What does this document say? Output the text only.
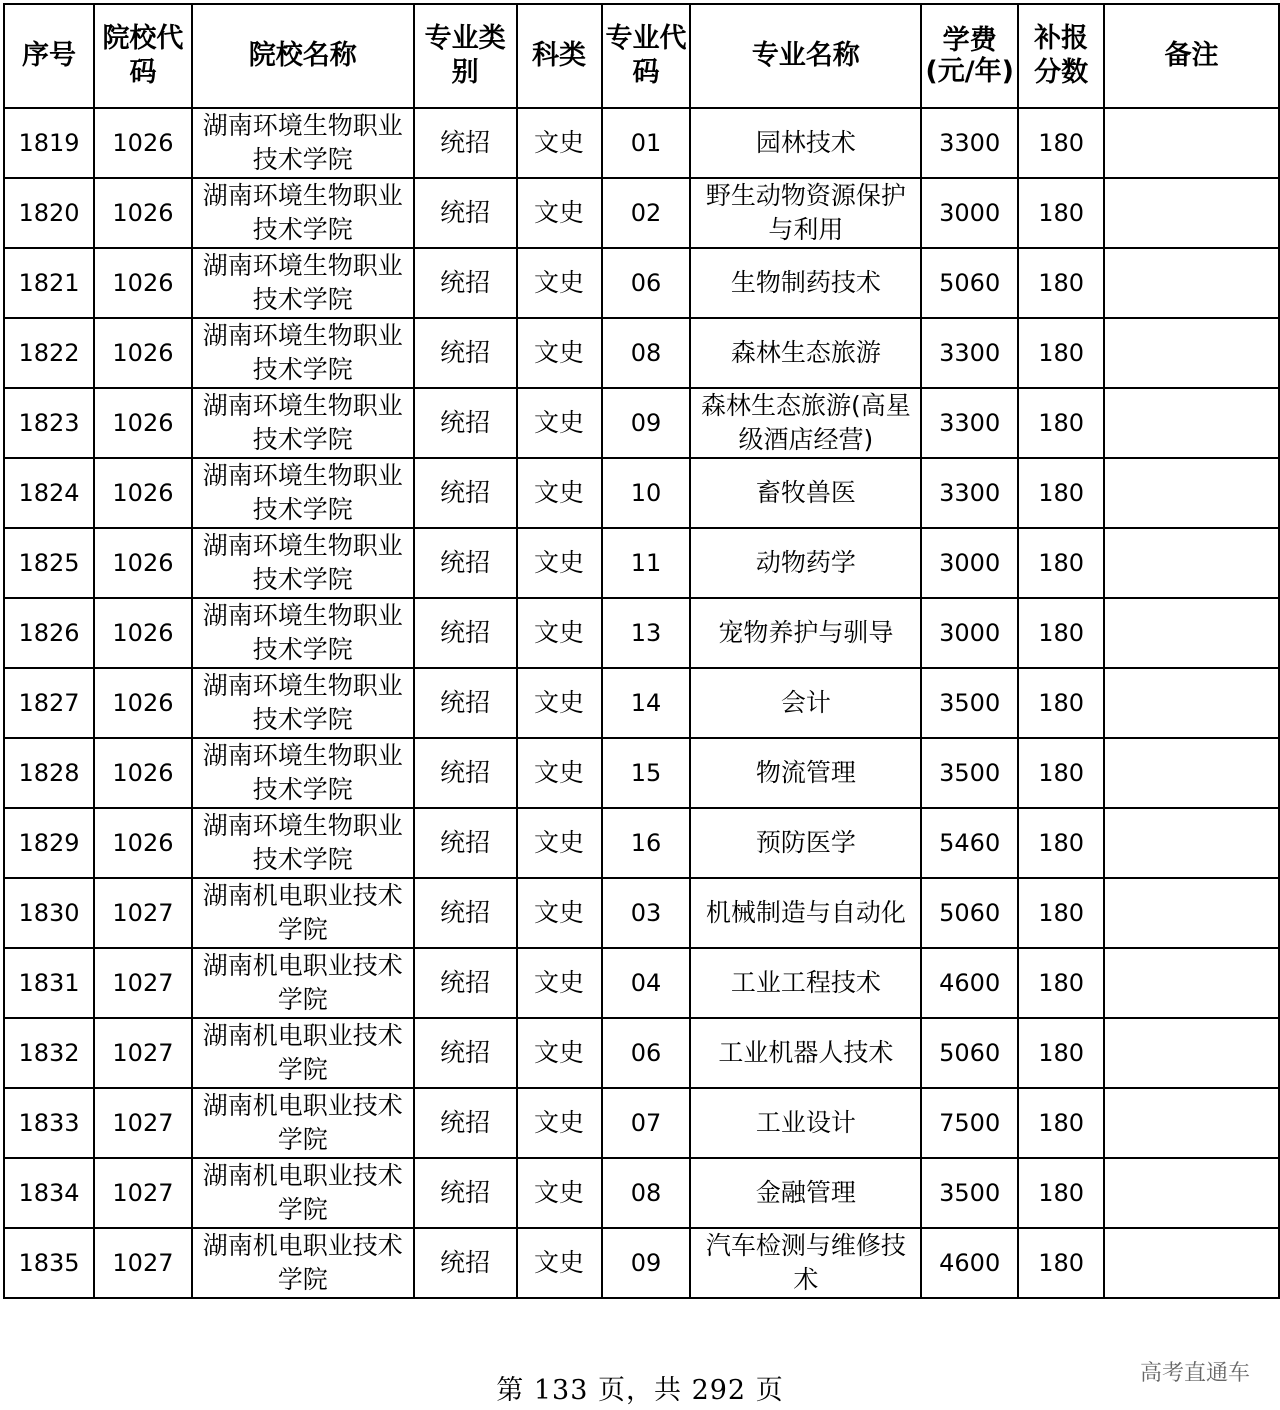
序号	院校代码	院校名称	专业类别	科类	专业代码	专业名称	学费(元/年)	补报分数	备注
1819	1026	湖南环境生物职业技术学院	统招	文史	01	园林技术	3300	180	
1820	1026	湖南环境生物职业技术学院	统招	文史	02	野生动物资源保护与利用	3000	180	
1821	1026	湖南环境生物职业技术学院	统招	文史	06	生物制药技术	5060	180	
1822	1026	湖南环境生物职业技术学院	统招	文史	08	森林生态旅游	3300	180	
1823	1026	湖南环境生物职业技术学院	统招	文史	09	森林生态旅游(高星级酒店经营)	3300	180	
1824	1026	湖南环境生物职业技术学院	统招	文史	10	畜牧兽医	3300	180	
1825	1026	湖南环境生物职业技术学院	统招	文史	11	动物药学	3000	180	
1826	1026	湖南环境生物职业技术学院	统招	文史	13	宠物养护与驯导	3000	180	
1827	1026	湖南环境生物职业技术学院	统招	文史	14	会计	3500	180	
1828	1026	湖南环境生物职业技术学院	统招	文史	15	物流管理	3500	180	
1829	1026	湖南环境生物职业技术学院	统招	文史	16	预防医学	5460	180	
1830	1027	湖南机电职业技术学院	统招	文史	03	机械制造与自动化	5060	180	
1831	1027	湖南机电职业技术学院	统招	文史	04	工业工程技术	4600	180	
1832	1027	湖南机电职业技术学院	统招	文史	06	工业机器人技术	5060	180	
1833	1027	湖南机电职业技术学院	统招	文史	07	工业设计	7500	180	
1834	1027	湖南机电职业技术学院	统招	文史	08	金融管理	3500	180	
1835	1027	湖南机电职业技术学院	统招	文史	09	汽车检测与维修技术	4600	180	
第 133 页，共 292 页
高考直通车
